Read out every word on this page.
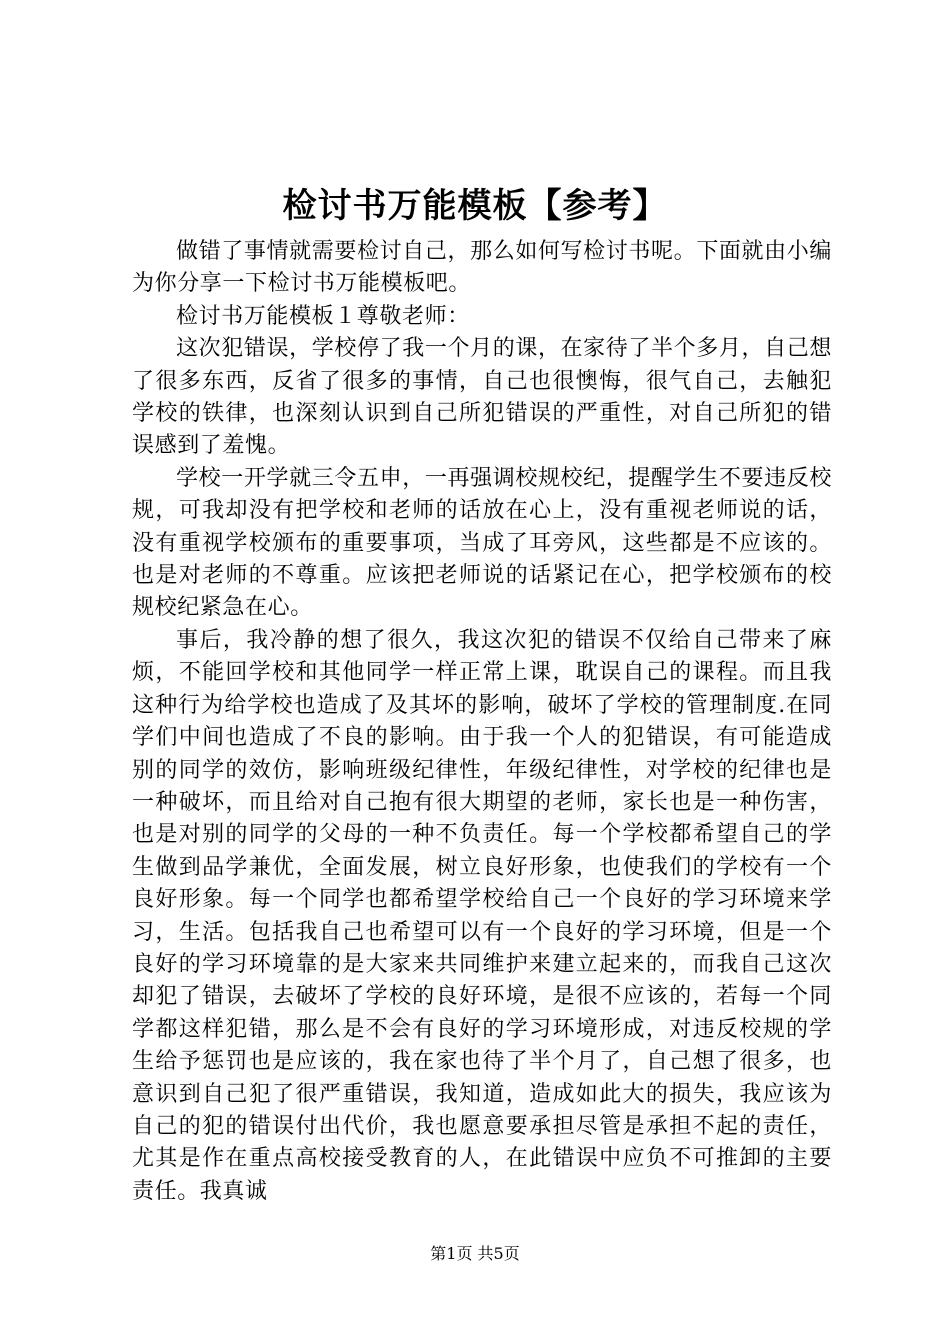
检讨书万能模板【参考】

做错了事情就需要检讨自己，那么如何写检讨书呢。下面就由小编为你分享一下检讨书万能模板吧。

检讨书万能模板１尊敬老师：

这次犯错误，学校停了我一个月的课，在家待了半个多月，自己想了很多东西，反省了很多的事情，自己也很懊悔，很气自己，去触犯学校的铁律，也深刻认识到自己所犯错误的严重性，对自己所犯的错误感到了羞愧。

学校一开学就三令五申，一再强调校规校纪，提醒学生不要违反校规，可我却没有把学校和老师的话放在心上，没有重视老师说的话，没有重视学校颁布的重要事项，当成了耳旁风，这些都是不应该的。也是对老师的不尊重。应该把老师说的话紧记在心，把学校颁布的校规校纪紧急在心。

事后，我冷静的想了很久，我这次犯的错误不仅给自己带来了麻烦，不能回学校和其他同学一样正常上课，耽误自己的课程。而且我这种行为给学校也造成了及其坏的影响，破坏了学校的管理制度.在同学们中间也造成了不良的影响。由于我一个人的犯错误，有可能造成别的同学的效仿，影响班级纪律性，年级纪律性，对学校的纪律也是一种破坏，而且给对自己抱有很大期望的老师，家长也是一种伤害，也是对别的同学的父母的一种不负责任。每一个学校都希望自己的学生做到品学兼优，全面发展，树立良好形象，也使我们的学校有一个良好形象。每一个同学也都希望学校给自己一个良好的学习环境来学习，生活。包括我自己也希望可以有一个良好的学习环境，但是一个良好的学习环境靠的是大家来共同维护来建立起来的，而我自己这次却犯了错误，去破坏了学校的良好环境，是很不应该的，若每一个同学都这样犯错，那么是不会有良好的学习环境形成，对违反校规的学生给予惩罚也是应该的，我在家也待了半个月了，自己想了很多，也意识到自己犯了很严重错误，我知道，造成如此大的损失，我应该为自己的犯的错误付出代价，我也愿意要承担尽管是承担不起的责任，尤其是作在重点高校接受教育的人，在此错误中应负不可推卸的主要责任。我真诚

第1页 共5页
